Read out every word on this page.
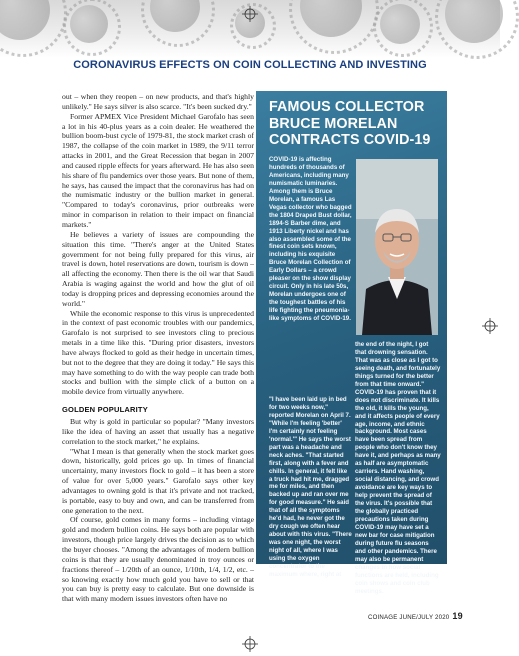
CORONAVIRUS EFFECTS ON COIN COLLECTING AND INVESTING

out – when they reopen – on new products, and that's highly unlikely." He says silver is also scarce. "It's been sucked dry."

Former APMEX Vice President Michael Garofalo has seen a lot in his 40-plus years as a coin dealer. He weathered the bullion boom-bust cycle of 1979-81, the stock market crash of 1987, the collapse of the coin market in 1989, the 9/11 terror attacks in 2001, and the Great Recession that began in 2007 and caused ripple effects for years afterward. He has also seen his share of flu pandemics over those years. But none of them, he says, has caused the impact that the coronavirus has had on the numismatic industry or the bullion market in general. "Compared to today's coronavirus, prior outbreaks were minor in comparison in relation to their impact on financial markets."

He believes a variety of issues are compounding the situation this time. "There's anger at the United States government for not being fully prepared for this virus, air travel is down, hotel reservations are down, tourism is down – all affecting the economy. Then there is the oil war that Saudi Arabia is waging against the world and how the glut of oil today is dropping prices and depressing economies around the world."

While the economic response to this virus is unprecedented in the context of past economic troubles with our pandemics, Garofalo is not surprised to see investors cling to precious metals in a time like this. "During prior disasters, investors have always flocked to gold as their hedge in uncertain times, but not to the degree that they are doing it today." He says this may have something to do with the way people can trade both stocks and bullion with the simple click of a button on a mobile device from virtually anywhere.

GOLDEN POPULARITY

But why is gold in particular so popular? "Many investors like the idea of having an asset that usually has a negative correlation to the stock market," he explains.

"What I mean is that generally when the stock market goes down, historically, gold prices go up. In times of financial uncertainty, many investors flock to gold – it has been a store of value for over 5,000 years." Garofalo says other key advantages to owning gold is that it's private and not tracked, is portable, easy to buy and own, and can be transferred from one generation to the next.

Of course, gold comes in many forms – including vintage gold and modern bullion coins. He says both are popular with investors, though price largely drives the decision as to which the buyer chooses. "Among the advantages of modern bullion coins is that they are usually denominated in troy ounces or fractions thereof – 1/20th of an ounce, 1/10th, 1/4, 1/2, etc. – so knowing exactly how much gold you have to sell or that you can buy is pretty easy to calculate. But one downside is that with many modern issues investors often have no

FAMOUS COLLECTOR BRUCE MORELAN CONTRACTS COVID-19

COVID-19 is affecting hundreds of thousands of Americans, including many numismatic luminaries. Among them is Bruce Morelan, a famous Las Vegas collector who bagged the 1804 Draped Bust dollar, 1894-S Barber dime, and 1913 Liberty nickel and has also assembled some of the finest coin sets known, including his exquisite Bruce Morelan Collection of Early Dollars – a crowd pleaser on the show display circuit. Only in his late 50s, Morelan undergoes one of the toughest battles of his life fighting the pneumonia-like symptoms of COVID-19.

"I have been laid up in bed for two weeks now," reported Morelan on April 7. "While I'm feeling 'better' I'm certainly not feeling 'normal.'" He says the worst part was a headache and neck aches. "That started first, along with a fever and chills. In general, it felt like a truck had hit me, dragged me for miles, and then backed up and ran over me for good measure." He said that of all the symptoms he'd had, he never got the dry cough we often hear about with this virus. "There was one night, the worst night of all, where I was using the oxygen concentrator to the maximum where, right at

the end of the night, I got that drowning sensation. That was as close as I got to seeing death, and fortunately things turned for the better from that time onward."

COVID-19 has proven that it does not discriminate. It kills the old, it kills the young, and it affects people of every age, income, and ethnic background. Most cases have been spread from people who don't know they have it, and perhaps as many as half are asymptomatic carriers. Hand washing, social distancing, and crowd avoidance are key ways to help prevent the spread of the virus. It's possible that the globally practiced precautions taken during COVID-19 may have set a new bar for case mitigation during future flu seasons and other pandemics. There may also be permanent changes in how social functions are held, including coin shows and coin club meetings.

COINAGE JUNE/JULY 2020 19
